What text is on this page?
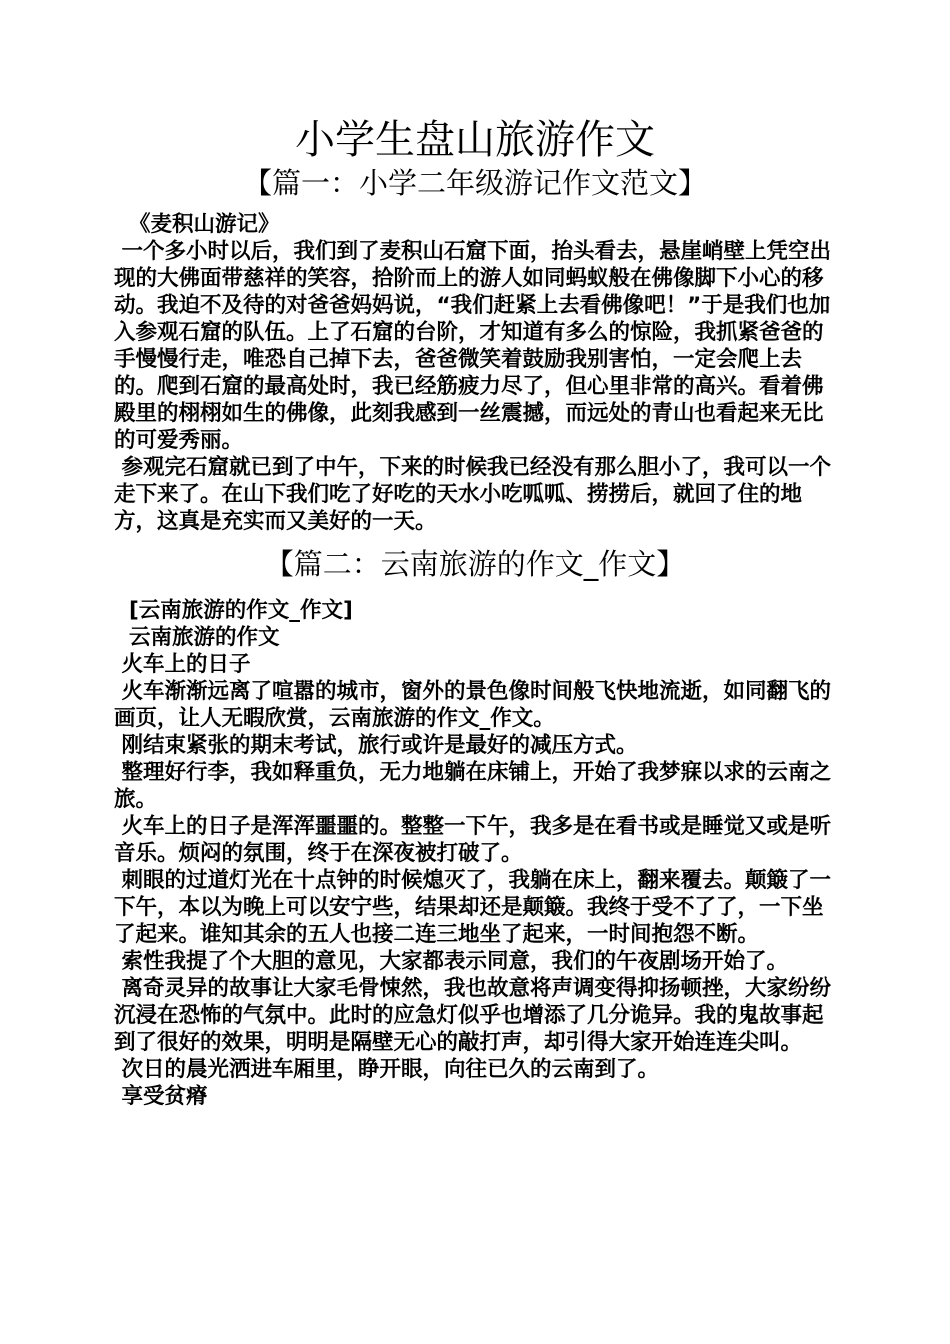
小学生盘山旅游作文
【篇一：小学二年级游记作文范文】

《麦积山游记》

一个多小时以后，我们到了麦积山石窟下面，抬头看去，悬崖峭壁上凭空出现的大佛面带慈祥的笑容，拾阶而上的游人如同蚂蚁般在佛像脚下小心的移动。我迫不及待的对爸爸妈妈说，“我们赶紧上去看佛像吧！”于是我们也加入参观石窟的队伍。上了石窟的台阶，才知道有多么的惊险，我抓紧爸爸的手慢慢行走，唯恐自己掉下去，爸爸微笑着鼓励我别害怕，一定会爬上去的。爬到石窟的最高处时，我已经筋疲力尽了，但心里非常的高兴。看着佛殿里的栩栩如生的佛像，此刻我感到一丝震撼，而远处的青山也看起来无比的可爱秀丽。

参观完石窟就已到了中午，下来的时候我已经没有那么胆小了，我可以一个走下来了。在山下我们吃了好吃的天水小吃呱呱、捞捞后，就回了住的地方，这真是充实而又美好的一天。

【篇二：云南旅游的作文_作文】

[云南旅游的作文_作文]

云南旅游的作文

火车上的日子

火车渐渐远离了喧嚣的城市，窗外的景色像时间般飞快地流逝，如同翻飞的画页，让人无暇欣赏，云南旅游的作文_作文。

刚结束紧张的期末考试，旅行或许是最好的减压方式。

整理好行李，我如释重负，无力地躺在床铺上，开始了我梦寐以求的云南之旅。

火车上的日子是浑浑噩噩的。整整一下午，我多是在看书或是睡觉又或是听音乐。烦闷的氛围，终于在深夜被打破了。

刺眼的过道灯光在十点钟的时候熄灭了，我躺在床上，翻来覆去。颠簸了一下午，本以为晚上可以安宁些，结果却还是颠簸。我终于受不了了，一下坐了起来。谁知其余的五人也接二连三地坐了起来，一时间抱怨不断。

索性我提了个大胆的意见，大家都表示同意，我们的午夜剧场开始了。

离奇灵异的故事让大家毛骨悚然，我也故意将声调变得抑扬顿挫，大家纷纷沉浸在恐怖的气氛中。此时的应急灯似乎也增添了几分诡异。我的鬼故事起到了很好的效果，明明是隔壁无心的敲打声，却引得大家开始连连尖叫。

次日的晨光洒进车厢里，睁开眼，向往已久的云南到了。

享受贫瘠
